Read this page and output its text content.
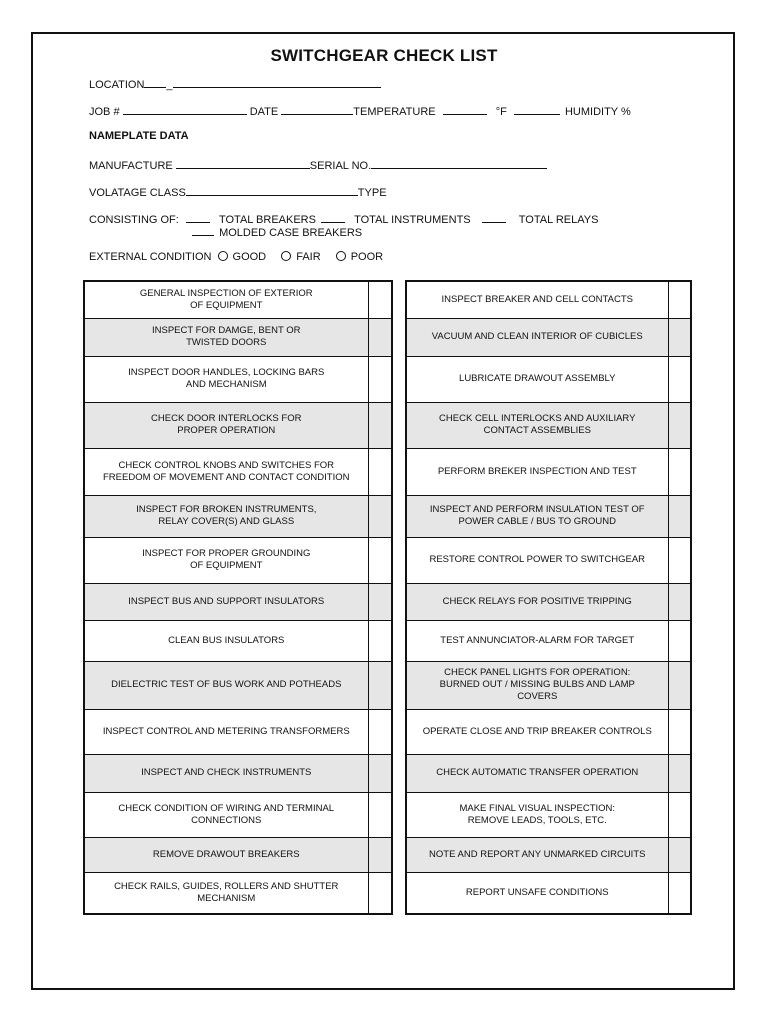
SWITCHGEAR CHECK LIST
LOCATION _
JOB #	DATE	TEMPERATURE	°F	HUMIDITY %
NAMEPLATE DATA
MANUFACTURE	SERIAL NO.
VOLATAGE CLASS	TYPE
CONSISTING OF:	TOTAL BREAKERS	TOTAL INSTRUMENTS	TOTAL RELAYS
MOLDED CASE BREAKERS
EXTERNAL CONDITION GOOD	FAIR	POOR
GENERAL INSPECTION OF EXTERIOR
OF EQUIPMENT	
INSPECT FOR DAMGE, BENT OR
TWISTED DOORS	
INSPECT DOOR HANDLES, LOCKING BARS
AND MECHANISM	
CHECK DOOR INTERLOCKS FOR
PROPER OPERATION	
CHECK CONTROL KNOBS AND SWITCHES FOR
FREEDOM OF MOVEMENT AND CONTACT CONDITION	
INSPECT FOR BROKEN INSTRUMENTS,
RELAY COVER(S) AND GLASS	
INSPECT FOR PROPER GROUNDING
OF EQUIPMENT	
INSPECT BUS AND SUPPORT INSULATORS	
CLEAN BUS INSULATORS	
DIELECTRIC TEST OF BUS WORK AND POTHEADS	
INSPECT CONTROL AND METERING TRANSFORMERS	
INSPECT AND CHECK INSTRUMENTS	
CHECK CONDITION OF WIRING AND TERMINAL
CONNECTIONS	
REMOVE DRAWOUT BREAKERS	
CHECK RAILS, GUIDES, ROLLERS AND SHUTTER
MECHANISM	
INSPECT BREAKER AND CELL CONTACTS	
VACUUM AND CLEAN INTERIOR OF CUBICLES	
LUBRICATE DRAWOUT ASSEMBLY	
CHECK CELL INTERLOCKS AND AUXILIARY
CONTACT ASSEMBLIES	
PERFORM BREKER INSPECTION AND TEST	
INSPECT AND PERFORM INSULATION TEST OF
POWER CABLE / BUS TO GROUND	
RESTORE CONTROL POWER TO SWITCHGEAR	
CHECK RELAYS FOR POSITIVE TRIPPING	
TEST ANNUNCIATOR-ALARM FOR TARGET	
CHECK PANEL LIGHTS FOR OPERATION:
BURNED OUT / MISSING BULBS AND LAMP
COVERS	
OPERATE CLOSE AND TRIP BREAKER CONTROLS	
CHECK AUTOMATIC TRANSFER OPERATION	
MAKE FINAL VISUAL INSPECTION:
REMOVE LEADS, TOOLS, ETC.	
NOTE AND REPORT ANY UNMARKED CIRCUITS	
REPORT UNSAFE CONDITIONS	
